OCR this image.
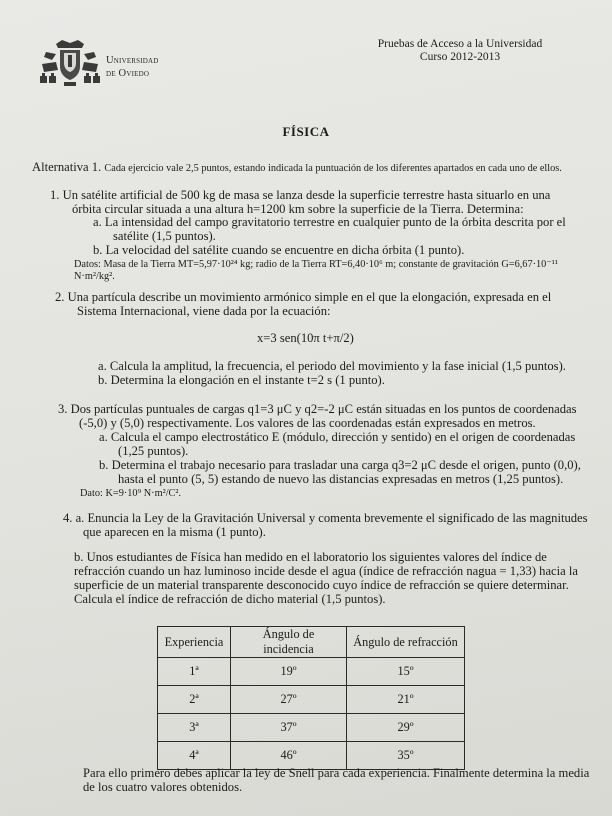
Universidad
de Oviedo
Pruebas de Acceso a la Universidad
Curso 2012-2013
FÍSICA
Alternativa 1. Cada ejercicio vale 2,5 puntos, estando indicada la puntuación de los diferentes apartados en cada uno de ellos.
1. Un satélite artificial de 500 kg de masa se lanza desde la superficie terrestre hasta situarlo en una
órbita circular situada a una altura h=1200 km sobre la superficie de la Tierra. Determina:
a. La intensidad del campo gravitatorio terrestre en cualquier punto de la órbita descrita por el
satélite (1,5 puntos).
b. La velocidad del satélite cuando se encuentre en dicha órbita (1 punto).
Datos: Masa de la Tierra MT=5,97·10²⁴ kg; radio de la Tierra RT=6,40·10⁶ m; constante de gravitación G=6,67·10⁻¹¹
N·m²/kg².
2. Una partícula describe un movimiento armónico simple en el que la elongación, expresada en el
Sistema Internacional, viene dada por la ecuación:
x=3 sen(10π t+π/2)
a. Calcula la amplitud, la frecuencia, el periodo del movimiento y la fase inicial (1,5 puntos).
b. Determina la elongación en el instante t=2 s (1 punto).
3. Dos partículas puntuales de cargas q1=3 μC y q2=-2 μC están situadas en los puntos de coordenadas
(-5,0) y (5,0) respectivamente. Los valores de las coordenadas están expresados en metros.
a. Calcula el campo electrostático E (módulo, dirección y sentido) en el origen de coordenadas
(1,25 puntos).
b. Determina el trabajo necesario para trasladar una carga q3=2 μC desde el origen, punto (0,0),
hasta el punto (5, 5) estando de nuevo las distancias expresadas en metros (1,25 puntos).
Dato: K=9·10⁹ N·m²/C².
4. a. Enuncia la Ley de la Gravitación Universal y comenta brevemente el significado de las magnitudes
que aparecen en la misma (1 punto).
b. Unos estudiantes de Física han medido en el laboratorio los siguientes valores del índice de
refracción cuando un haz luminoso incide desde el agua (índice de refracción nagua = 1,33) hacia la
superficie de un material transparente desconocido cuyo índice de refracción se quiere determinar.
Calcula el índice de refracción de dicho material (1,5 puntos).
Experiencia	Ángulo de incidencia	Ángulo de refracción
1ª	19º	15º
2ª	27º	21º
3ª	37º	29º
4ª	46º	35º
Para ello primero debes aplicar la ley de Snell para cada experiencia. Finalmente determina la media
de los cuatro valores obtenidos.
